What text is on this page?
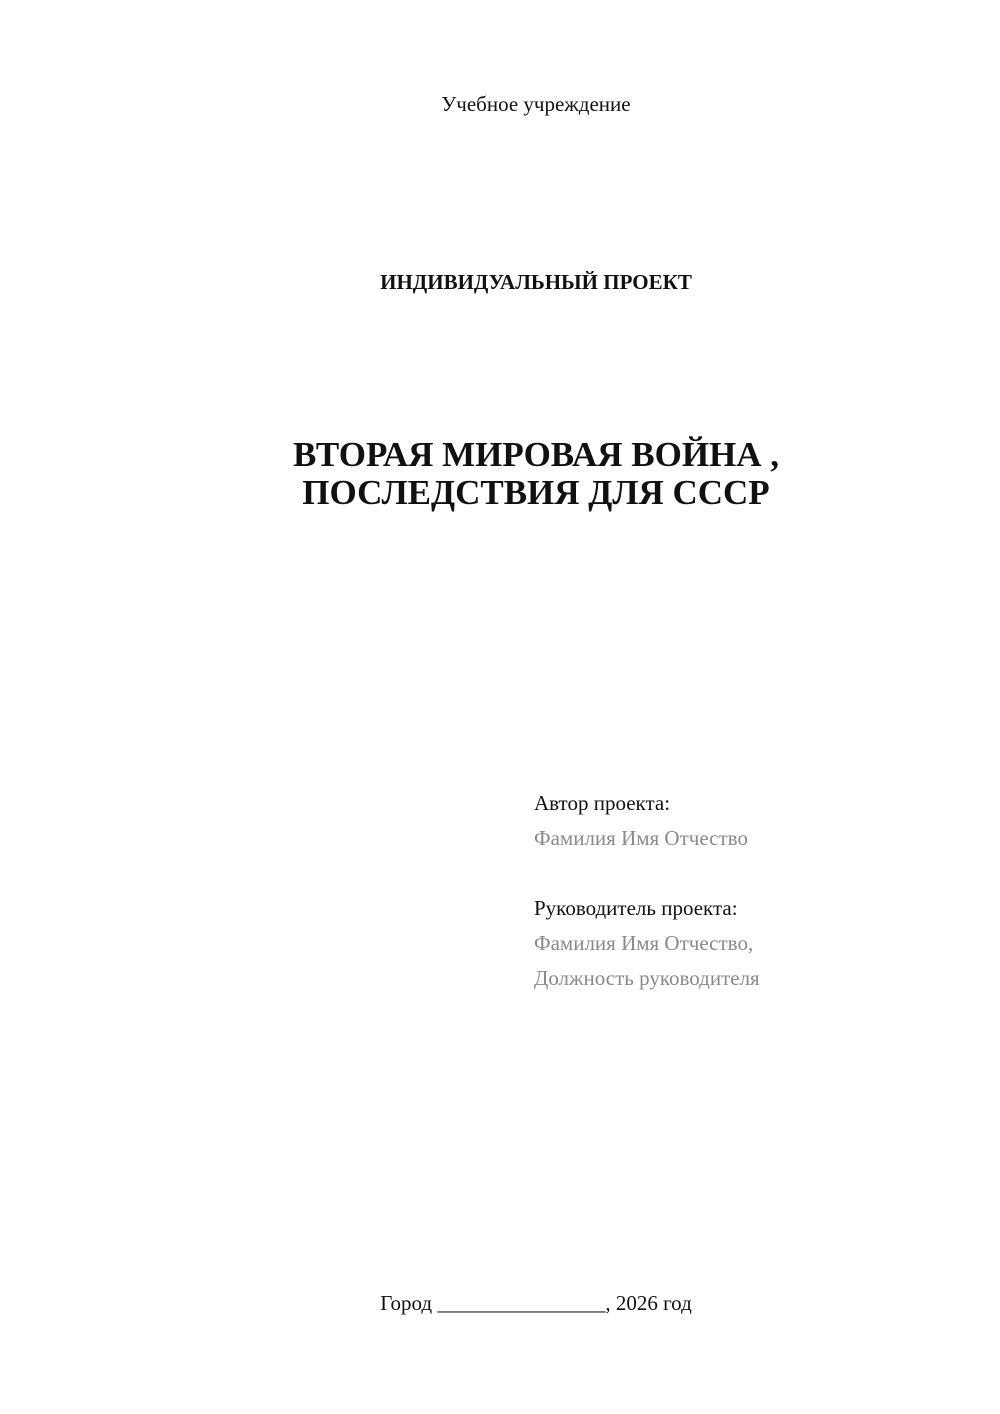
Учебное учреждение

ИНДИВИДУАЛЬНЫЙ ПРОЕКТ

ВТОРАЯ МИРОВАЯ ВОЙНА ,
ПОСЛЕДСТВИЯ ДЛЯ СССР
Автор проекта:
Фамилия Имя Отчество
Руководитель проекта:
Фамилия Имя Отчество,
Должность руководителя

Город ________________, 2026 год
